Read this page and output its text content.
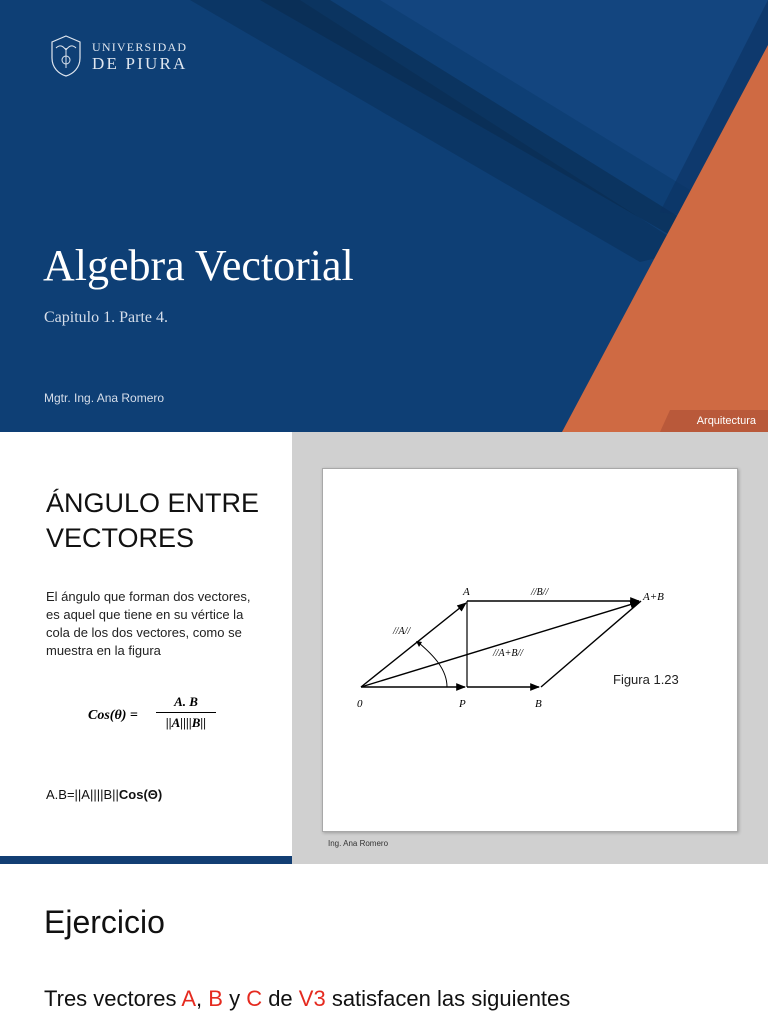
UNIVERSIDAD
DE PIURA
Algebra Vectorial
Capitulo 1. Parte 4.
Mgtr. Ing. Ana Romero
Arquitectura
ÁNGULO ENTRE VECTORES
El ángulo que forman dos vectores, es aquel que tiene en su vértice la cola de los dos vectores, como se muestra en la figura
Cos(θ) =
A. B
||A||||B||
A.B=||A||||B||Cos(Θ)
0	P	B
A	A+B
//A//
//B//
//A+B//
Figura 1.23
Ing. Ana Romero
Ejercicio
Tres vectores A, B y C de V3 satisfacen las siguientes
